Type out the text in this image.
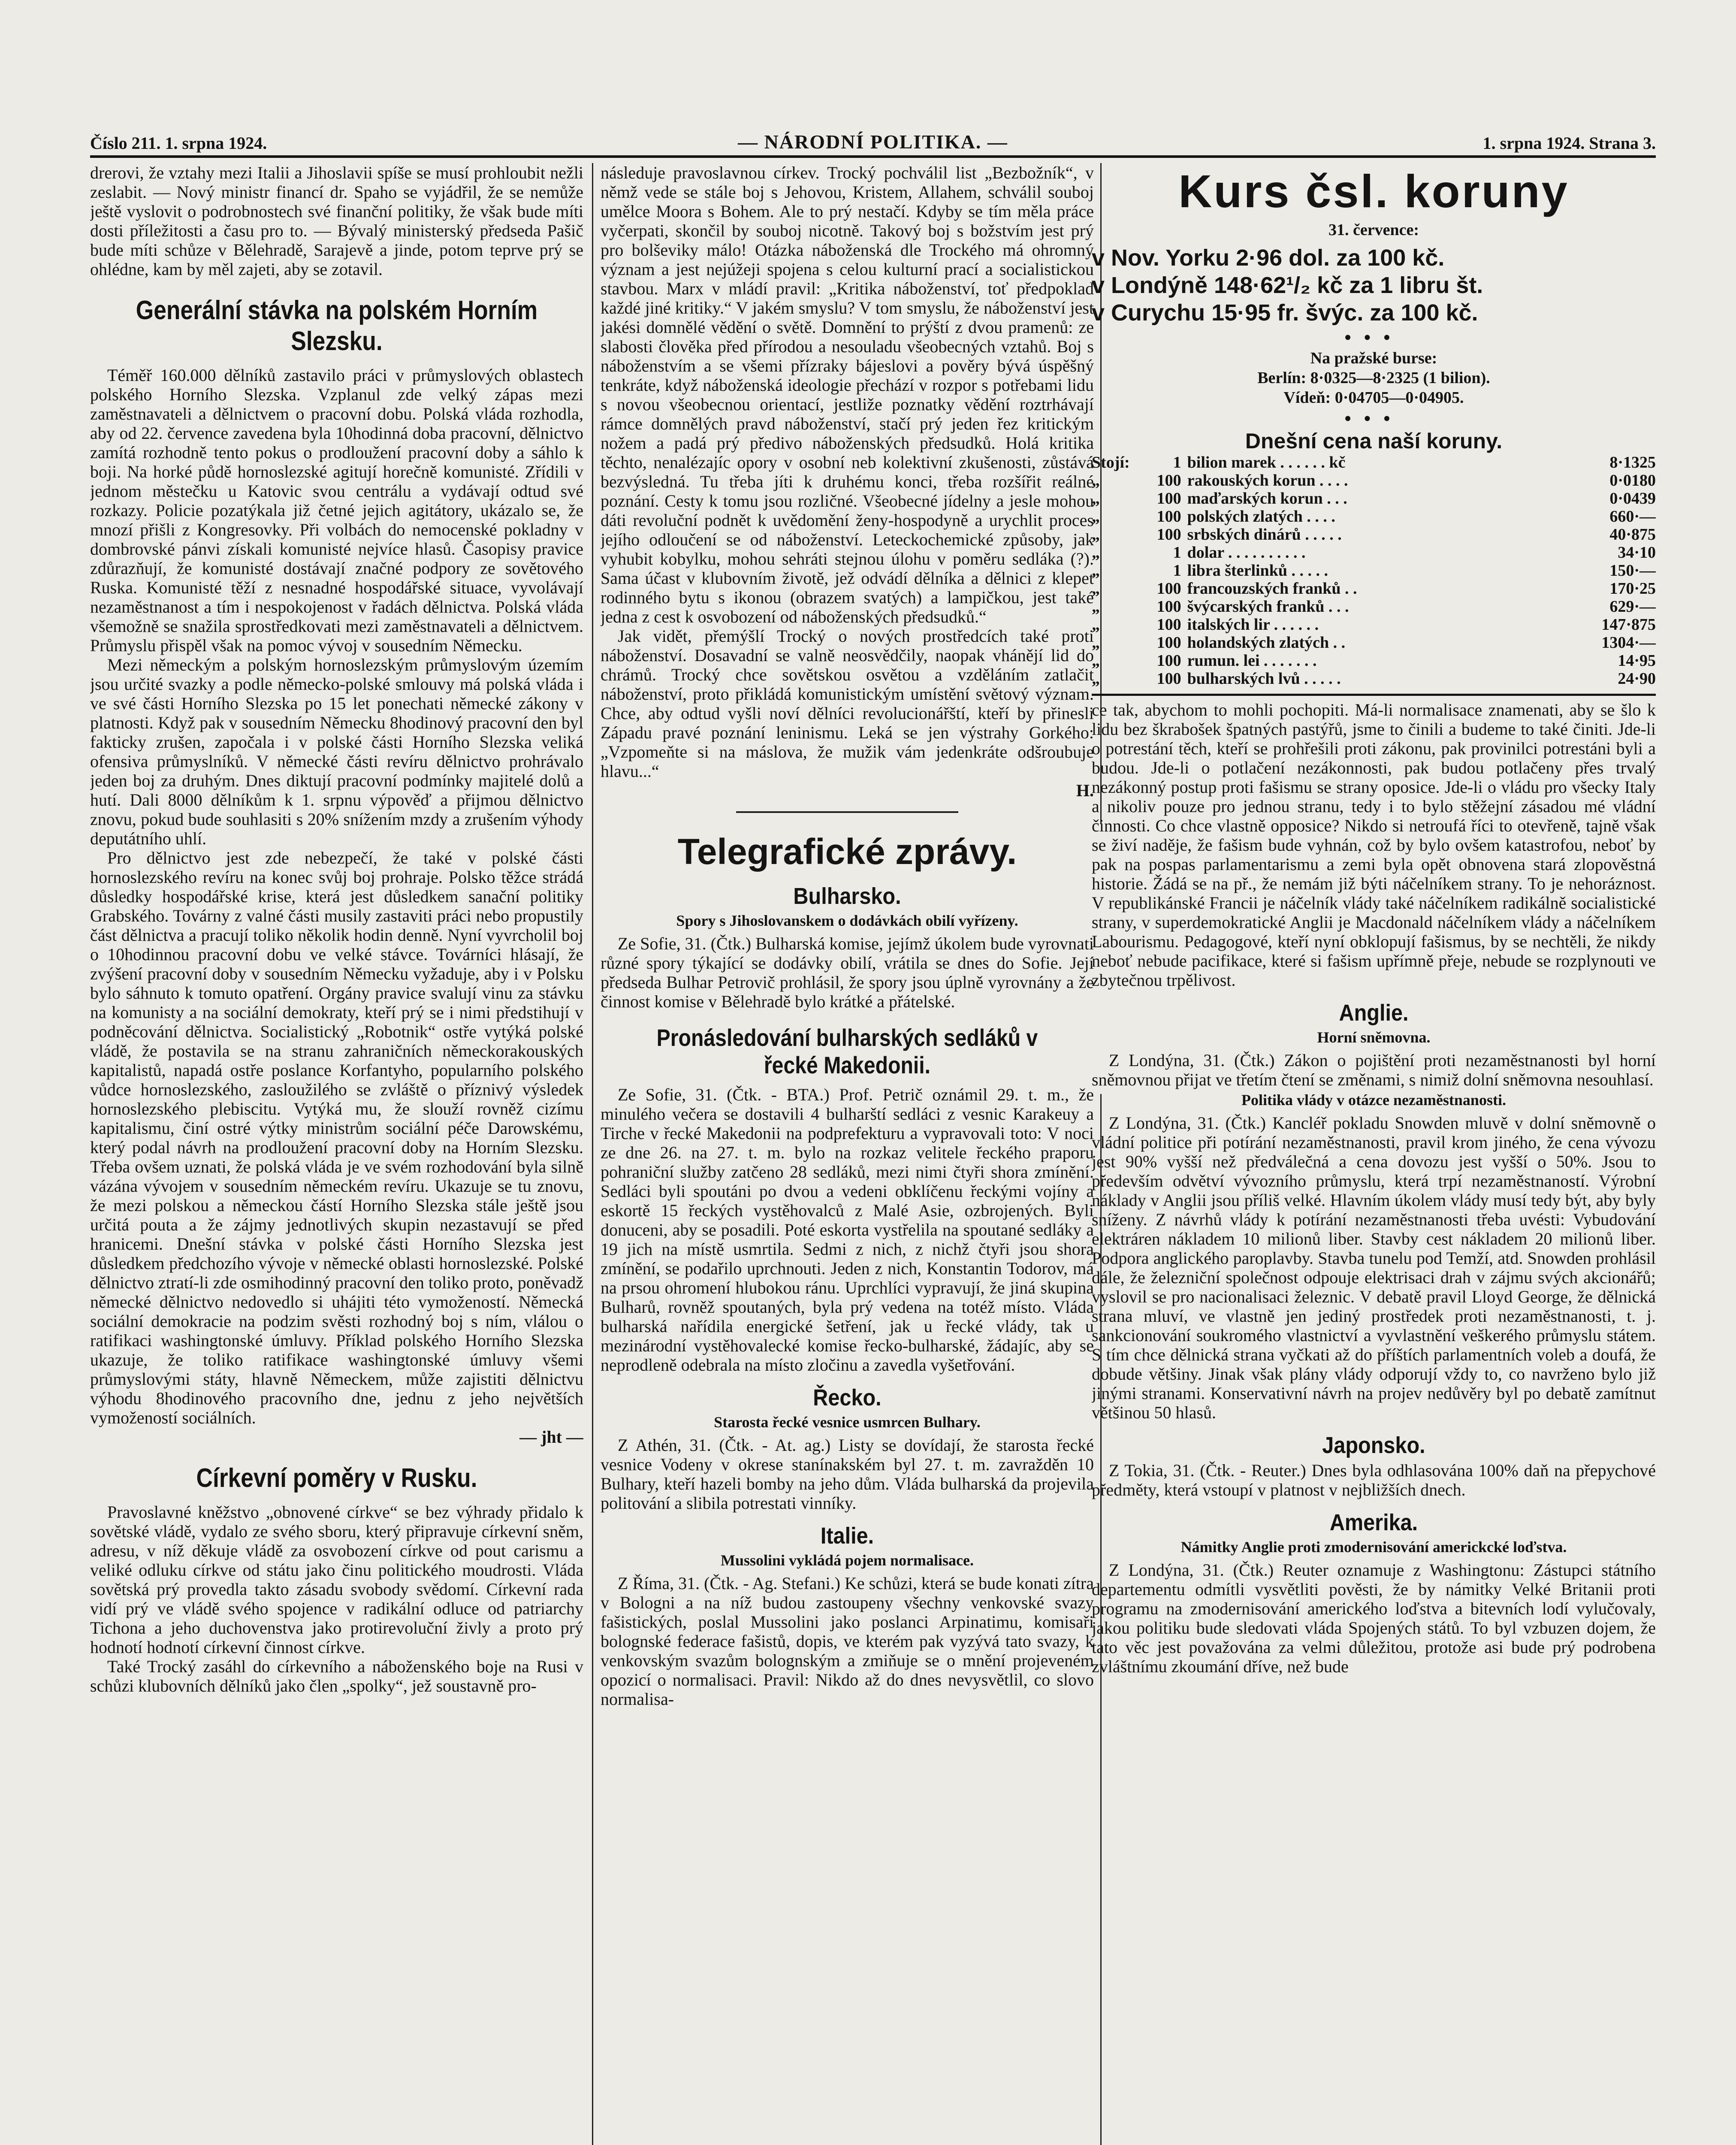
Číslo 211. 1. srpna 1924.	— NÁRODNÍ POLITIKA. —	1. srpna 1924. Strana 3.

drerovi, že vztahy mezi Italii a Jihoslavii spíše se musí prohloubit nežli zeslabit. — Nový ministr financí dr. Spaho se vyjádřil, že se nemůže ještě vyslovit o podrobnostech své finanční politiky, že však bude míti dosti příležitosti a času pro to. — Bývalý ministerský předseda Pašič bude míti schůze v Bělehradě, Sarajevě a jinde, potom teprve prý se ohlédne, kam by měl zajeti, aby se zotavil.

Generální stávka na polském Horním Slezsku.

Téměř 160.000 dělníků zastavilo práci v průmyslových oblastech polského Horního Slezska. Vzplanul zde velký zápas mezi zaměstnavateli a dělnictvem o pracovní dobu. Polská vláda rozhodla, aby od 22. července zavedena byla 10hodinná doba pracovní, dělnictvo zamítá rozhodně tento pokus o prodloužení pracovní doby a sáhlo k boji. Na horké půdě hornoslezské agitují horečně komunisté. Zřídili v jednom městečku u Katovic svou centrálu a vydávají odtud své rozkazy. Policie pozatýkala již četné jejich agitátory, ukázalo se, že mnozí přišli z Kongresovky. Při volbách do nemocenské pokladny v dombrovské pánvi získali komunisté nejvíce hlasů. Časopisy pravice zdůrazňují, že komunisté dostávají značné podpory ze sovětového Ruska. Komunisté těží z nesnadné hospodářské situace, vyvolávají nezaměstnanost a tím i nespokojenost v řadách dělnictva. Polská vláda všemožně se snažila sprostředkovati mezi zaměstnavateli a dělnictvem. Průmyslu přispěl však na pomoc vývoj v sousedním Německu.

Mezi německým a polským hornoslezským průmyslovým územím jsou určité svazky a podle německo-polské smlouvy má polská vláda i ve své části Horního Slezska po 15 let ponechati německé zákony v platnosti. Když pak v sousedním Německu 8hodinový pracovní den byl fakticky zrušen, započala i v polské části Horního Slezska veliká ofensiva průmyslníků. V německé části revíru dělnictvo prohrávalo jeden boj za druhým. Dnes diktují pracovní podmínky majitelé dolů a hutí. Dali 8000 dělníkům k 1. srpnu výpověď a přijmou dělnictvo znovu, pokud bude souhlasiti s 20% snížením mzdy a zrušením výhody deputátního uhlí.

Pro dělnictvo jest zde nebezpečí, že také v polské části hornoslezského revíru na konec svůj boj prohraje. Polsko těžce strádá důsledky hospodářské krise, která jest důsledkem sanační politiky Grabského. Továrny z valné části musily zastaviti práci nebo propustily část dělnictva a pracují toliko několik hodin denně. Nyní vyvrcholil boj o 10hodinnou pracovní dobu ve velké stávce. Továrníci hlásají, že zvýšení pracovní doby v sousedním Německu vyžaduje, aby i v Polsku bylo sáhnuto k tomuto opatření. Orgány pravice svalují vinu za stávku na komunisty a na sociální demokraty, kteří prý se i nimi předstihují v podněcování dělnictva. Socialistický „Robotnik“ ostře vytýká polské vládě, že postavila se na stranu zahraničních německorakouských kapitalistů, napadá ostře poslance Korfantyho, popularního polského vůdce hornoslezského, zasloužilého se zvláště o příznivý výsledek hornoslezského plebiscitu. Vytýká mu, že slouží rovněž cizímu kapitalismu, činí ostré výtky ministrům sociální péče Darowskému, který podal návrh na prodloužení pracovní doby na Horním Slezsku. Třeba ovšem uznati, že polská vláda je ve svém rozhodování byla silně vázána vývojem v sousedním německém revíru. Ukazuje se tu znovu, že mezi polskou a německou částí Horního Slezska stále ještě jsou určitá pouta a že zájmy jednotlivých skupin nezastavují se před hranicemi. Dnešní stávka v polské části Horního Slezska jest důsledkem předchozího vývoje v německé oblasti hornoslezské. Polské dělnictvo ztratí-li zde osmihodinný pracovní den toliko proto, poněvadž německé dělnictvo nedovedlo si uhájiti této vymožeností. Německá sociální demokracie na podzim svěsti rozhodný boj s ním, vlálou o ratifikaci washingtonské úmluvy. Příklad polského Horního Slezska ukazuje, že toliko ratifikace washingtonské úmluvy všemi průmyslovými státy, hlavně Německem, může zajistiti dělnictvu výhodu 8hodinového pracovního dne, jednu z jeho největších vymožeností sociálních.

— jht —
Církevní poměry v Rusku.

Pravoslavné kněžstvo „obnovené církve“ se bez výhrady přidalo k sovětské vládě, vydalo ze svého sboru, který připravuje církevní sněm, adresu, v níž děkuje vládě za osvobození církve od pout carismu a veliké odluku církve od státu jako činu politického moudrosti. Vláda sovětská prý provedla takto zásadu svobody svědomí. Církevní rada vidí prý ve vládě svého spojence v radikální odluce od patriarchy Tichona a jeho duchovenstva jako protirevoluční živly a proto prý hodnotí hodnotí církevní činnost církve.

Také Trocký zasáhl do církevního a náboženského boje na Rusi v schůzi klubovních dělníků jako člen „spolky“, jež soustavně pro-

následuje pravoslavnou církev. Trocký pochválil list „Bezbožník“, v němž vede se stále boj s Jehovou, Kristem, Allahem, schválil souboj umělce Moora s Bohem. Ale to prý nestačí. Kdyby se tím měla práce vyčerpati, skončil by souboj nicotně. Takový boj s božstvím jest prý pro bolševiky málo! Otázka náboženská dle Trockého má ohromný význam a jest nejúžeji spojena s celou kulturní prací a socialistickou stavbou. Marx v mládí pravil: „Kritika náboženství, toť předpoklad každé jiné kritiky.“ V jakém smyslu? V tom smyslu, že náboženství jest jakési domnělé vědění o světě. Domnění to prýští z dvou pramenů: ze slabosti člověka před přírodou a nesouladu všeobecných vztahů. Boj s náboženstvím a se všemi přízraky bájeslovi a pověry bývá úspěšný tenkráte, když náboženská ideologie přechází v rozpor s potřebami lidu s novou všeobecnou orientací, jestliže poznatky vědění roztrhávají rámce domnělých pravd náboženství, stačí prý jeden řez kritickým nožem a padá prý předivo náboženských předsudků. Holá kritika těchto, nenalézajíc opory v osobní neb kolektivní zkušenosti, zůstává bezvýsledná. Tu třeba jíti k druhému konci, třeba rozšířit reálné poznání. Cesty k tomu jsou rozličné. Všeobecné jídelny a jesle mohou dáti revoluční podnět k uvědomění ženy-hospodyně a urychlit proces jejího odloučení se od náboženství. Leteckochemické způsoby, jak vyhubit kobylku, mohou sehráti stejnou úlohu v poměru sedláka (?). Sama účast v klubovním životě, jež odvádí dělníka a dělnici z klepet rodinného bytu s ikonou (obrazem svatých) a lampičkou, jest také jedna z cest k osvobození od náboženských předsudků.“

Jak vidět, přemýšlí Trocký o nových prostředcích také proti náboženství. Dosavadní se valně neosvědčily, naopak vhánějí lid do chrámů. Trocký chce sovětskou osvětou a vzděláním zatlačit náboženství, proto přikládá komunistickým umístění světový význam. Chce, aby odtud vyšli noví dělníci revolucionářští, kteří by přinesli Západu pravé poznání leninismu. Leká se jen výstrahy Gorkého: „Vzpomeňte si na máslova, že mužik vám jedenkráte odšroubuje hlavu...“

H.
Telegrafické zprávy.
Bulharsko.
Spory s Jihoslovanskem o dodávkách obilí vyřízeny.

Ze Sofie, 31. (Čtk.) Bulharská komise, jejímž úkolem bude vyrovnati různé spory týkající se dodávky obilí, vrátila se dnes do Sofie. Její předseda Bulhar Petrovič prohlásil, že spory jsou úplně vyrovnány a že činnost komise v Bělehradě bylo krátké a přátelské.

Pronásledování bulharských sedláků v řecké Makedonii.

Ze Sofie, 31. (Čtk. - BTA.) Prof. Petrič oznámil 29. t. m., že minulého večera se dostavili 4 bulharští sedláci z vesnic Karakeuy a Tirche v řecké Makedonii na podprefekturu a vypravovali toto: V noci ze dne 26. na 27. t. m. bylo na rozkaz velitele řeckého praporu pohraniční služby zatčeno 28 sedláků, mezi nimi čtyři shora zmínění. Sedláci byli spoutáni po dvou a vedeni obklíčenu řeckými vojíny a eskortě 15 řeckých vystěhovalců z Malé Asie, ozbrojených. Byli donuceni, aby se posadili. Poté eskorta vystřelila na spoutané sedláky a 19 jich na místě usmrtila. Sedmi z nich, z nichž čtyři jsou shora zmínění, se podařilo uprchnouti. Jeden z nich, Konstantin Todorov, má na prsou ohromení hlubokou ránu. Uprchlíci vypravují, že jiná skupina Bulharů, rovněž spoutaných, byla prý vedena na totéž místo. Vláda bulharská nařídila energické šetření, jak u řecké vlády, tak u mezinárodní vystěhovalecké komise řecko-bulharské, žádajíc, aby se neprodleně odebrala na místo zločinu a zavedla vyšetřování.

Řecko.
Starosta řecké vesnice usmrcen Bulhary.

Z Athén, 31. (Čtk. - At. ag.) Listy se dovídají, že starosta řecké vesnice Vodeny v okrese stanínakském byl 27. t. m. zavražděn 10 Bulhary, kteří hazeli bomby na jeho dům. Vláda bulharská da projevila politování a slibila potrestati vinníky.

Italie.
Mussolini vykládá pojem normalisace.

Z Říma, 31. (Čtk. - Ag. Stefani.) Ke schůzi, která se bude konati zítra v Bologni a na níž budou zastoupeny všechny venkovské svazy fašistických, poslal Mussolini jako poslanci Arpinatimu, komisaři bolognské federace fašistů, dopis, ve kterém pak vyzývá tato svazy, k venkovským svazům bolognským a zmiňuje se o mnění projeveném opozicí o normalisaci. Pravil: Nikdo až do dnes nevysvětlil, co slovo normalisa-

Kurs čsl. koruny
31. července:
v Nov. Yorku 2·96 dol. za 100 kč.
v Londýně 148·62¹/₂ kč za 1 libru št.
v Curychu 15·95 fr. švýc. za 100 kč.
•••
Na pražské burse:
Berlín: 8·0325—8·2325 (1 bilion).
Vídeň: 0·04705—0·04905.
•••
Dnešní cena naší koruny.
Stojí:	1	bilion marek . . . . . . kč	8·1325
„	100	rakouských korun . . . .	0·0180
„	100	maďarských korun . . .	0·0439
„	100	polských zlatých . . . .	660·—
„	100	srbských dinárů . . . . .	40·875
„	1	dolar . . . . . . . . . .	34·10
„	1	libra šterlinků . . . . .	150·—
„	100	francouzských franků . .	170·25
„	100	švýcarských franků . . .	629·—
„	100	italských lir . . . . . .	147·875
„	100	holandských zlatých . .	1304·—
„	100	rumun. lei . . . . . . .	14·95
„	100	bulharských lvů . . . . .	24·90

ce tak, abychom to mohli pochopiti. Má-li normalisace znamenati, aby se šlo k lidu bez škrabošek špatných pastýřů, jsme to činili a budeme to také činiti. Jde-li o potrestání těch, kteří se prohřešili proti zákonu, pak provinilci potrestáni byli a budou. Jde-li o potlačení nezákonnosti, pak budou potlačeny přes trvalý nezákonný postup proti fašismu se strany oposice. Jde-li o vládu pro všecky Italy a nikoliv pouze pro jednou stranu, tedy i to bylo stěžejní zásadou mé vládní činnosti. Co chce vlastně opposice? Nikdo si netroufá říci to otevřeně, tajně však se živí naděje, že fašism bude vyhnán, což by bylo ovšem katastrofou, neboť by pak na pospas parlamentarismu a zemi byla opět obnovena stará zlopověstná historie. Žádá se na př., že nemám již býti náčelníkem strany. To je nehoráznost. V republikánské Francii je náčelník vlády také náčelníkem radikálně socialistické strany, v superdemokratické Anglii je Macdonald náčelníkem vlády a náčelníkem Labourismu. Pedagogové, kteří nyní obklopují fašismus, by se nechtěli, že nikdy neboť nebude pacifikace, které si fašism upřímně přeje, nebude se rozplynouti ve zbytečnou trpělivost.

Anglie.
Horní sněmovna.

Z Londýna, 31. (Čtk.) Zákon o pojištění proti nezaměstnanosti byl horní sněmovnou přijat ve třetím čtení se změnami, s nimiž dolní sněmovna nesouhlasí.

Politika vlády v otázce nezaměstnanosti.

Z Londýna, 31. (Čtk.) Kancléř pokladu Snowden mluvě v dolní sněmovně o vládní politice při potírání nezaměstnanosti, pravil krom jiného, že cena vývozu jest 90% vyšší než předválečná a cena dovozu jest vyšší o 50%. Jsou to především odvětví vývozního průmyslu, která trpí nezaměstnaností. Výrobní náklady v Anglii jsou příliš velké. Hlavním úkolem vlády musí tedy být, aby byly sníženy. Z návrhů vlády k potírání nezaměstnanosti třeba uvésti: Vybudování elektráren nákladem 10 milionů liber. Stavby cest nákladem 20 milionů liber. Podpora anglického paroplavby. Stavba tunelu pod Temží, atd. Snowden prohlásil dále, že železniční společnost odpouje elektrisaci drah v zájmu svých akcionářů; vyslovil se pro nacionalisaci železnic. V debatě pravil Lloyd George, že dělnická strana mluví, ve vlastně jen jediný prostředek proti nezaměstnanosti, t. j. sankcionování soukromého vlastnictví a vyvlastnění veškerého průmyslu státem. S tím chce dělnická strana vyčkati až do příštích parlamentních voleb a doufá, že dobude většiny. Jinak však plány vlády odporují vždy to, co navrženo bylo již jinými stranami. Konservativní návrh na projev nedůvěry byl po debatě zamítnut většinou 50 hlasů.

Japonsko.

Z Tokia, 31. (Čtk. - Reuter.) Dnes byla odhlasována 100% daň na přepychové předměty, která vstoupí v platnost v nejbližších dnech.

Amerika.
Námitky Anglie proti zmodernisování americkcké loďstva.

Z Londýna, 31. (Čtk.) Reuter oznamuje z Washingtonu: Zástupci státního departementu odmítli vysvětliti pověsti, že by námitky Velké Britanii proti programu na zmodernisování amerického loďstva a bitevních lodí vylučovaly, jakou politiku bude sledovati vláda Spojených států. To byl vzbuzen dojem, že tato věc jest považována za velmi důležitou, protože asi bude prý podrobena zvláštnímu zkoumání dříve, než bude
